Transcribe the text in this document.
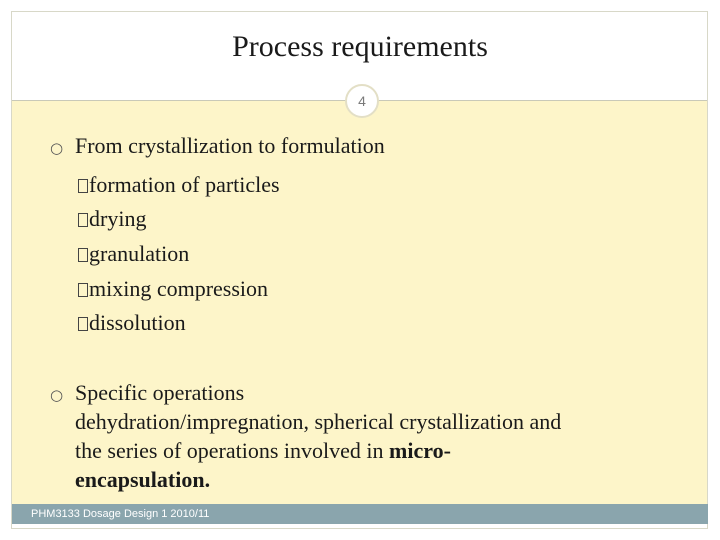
Process requirements
4
○ From crystallization to formulation
formation of particles
drying
granulation
mixing compression
dissolution
○ Specific operations
dehydration/impregnation, spherical crystallization and
the series of operations involved in micro-
encapsulation.
PHM3133 Dosage Design 1 2010/11
